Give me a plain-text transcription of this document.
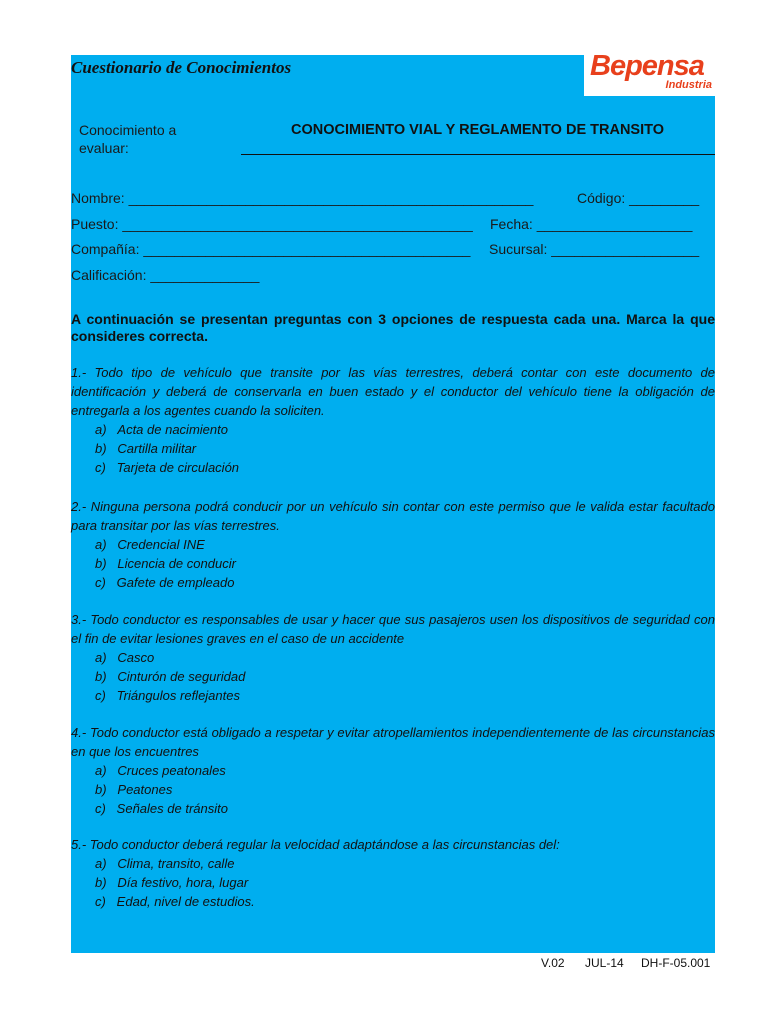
Cuestionario de Conocimientos	Bepensa
Industria
Conocimiento a evaluar:
CONOCIMIENTO VIAL Y REGLAMENTO DE TRANSITO
Nombre: ____________________________________________________	Código: _________
Puesto: _____________________________________________ Fecha: ____________________
Compañía: __________________________________________ Sucursal: ___________________
Calificación: ______________
A continuación se presentan preguntas con 3 opciones de respuesta cada una. Marca la que consideres correcta.
1.- Todo tipo de vehículo que transite por las vías terrestres, deberá contar con este documento de identificación y deberá de conservarla en buen estado y el conductor del vehículo tiene la obligación de entregarla a los agentes cuando la soliciten.
a)   Acta de nacimiento
b)   Cartilla militar
c)   Tarjeta de circulación
2.- Ninguna persona podrá conducir por un vehículo sin contar con este permiso que le valida estar facultado para transitar por las vías terrestres.
a)   Credencial INE
b)   Licencia de conducir
c)   Gafete de empleado
3.- Todo conductor es responsables de usar y hacer que sus pasajeros usen los dispositivos de seguridad con el fin de evitar lesiones graves en el caso de un accidente
a)   Casco
b)   Cinturón de seguridad
c)   Triángulos reflejantes
4.- Todo conductor está obligado a respetar y evitar atropellamientos independientemente de las circunstancias en que los encuentres
a)   Cruces peatonales
b)   Peatones
c)   Señales de tránsito
5.- Todo conductor deberá regular la velocidad adaptándose a las circunstancias del:
a)   Clima, transito, calle
b)   Día festivo, hora, lugar
c)   Edad, nivel de estudios.
V.02 JUL-14 DH-F-05.001
